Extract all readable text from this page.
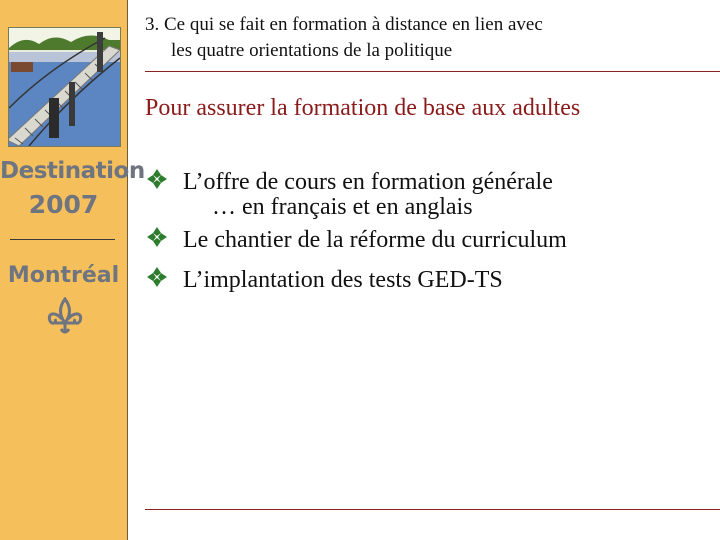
Destination
2007
Montréal
3. Ce qui se fait en formation à distance en lien avec
les quatre orientations de la politique
Pour assurer la formation de base aux adultes
L’offre de cours en formation générale
… en français et en anglais
Le chantier de la réforme du curriculum
L’implantation des tests GED-TS
